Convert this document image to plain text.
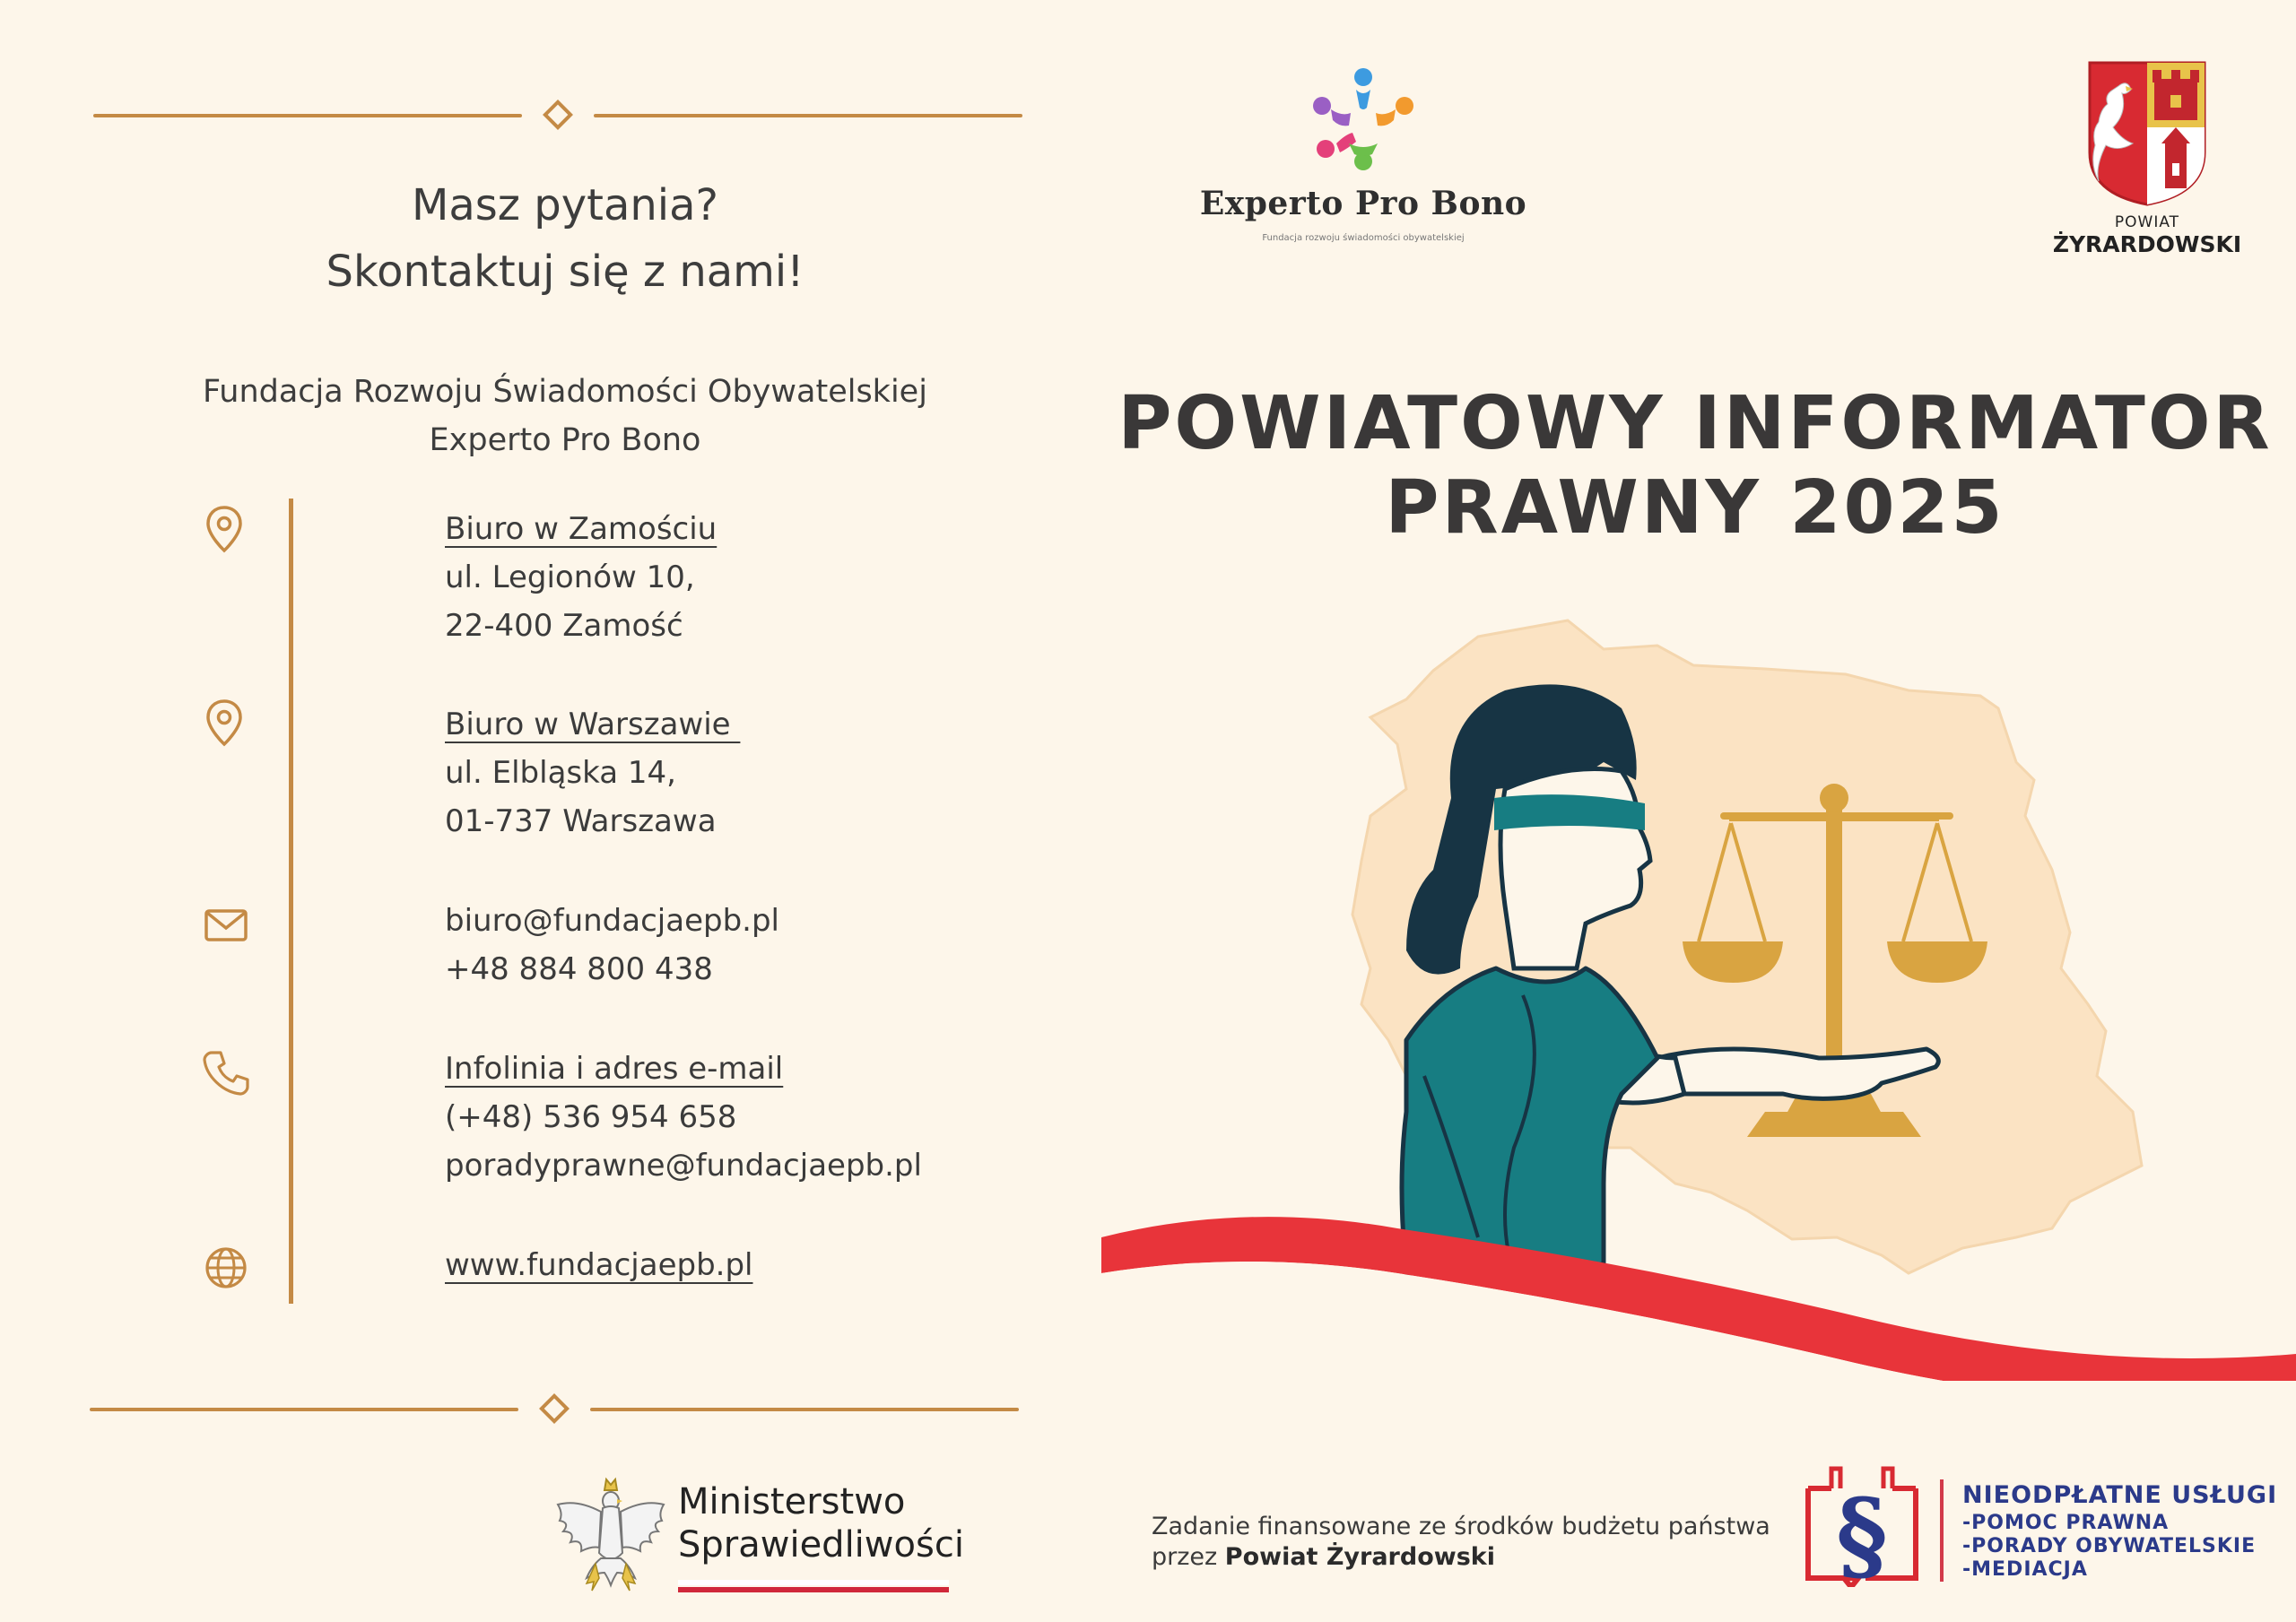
Masz pytania?
Skontaktuj się z nami!
Fundacja Rozwoju Świadomości Obywatelskiej
Experto Pro Bono
Biuro w Zamościu
ul. Legionów 10,
22-400 Zamość
Biuro w Warszawie
ul. Elbląska 14,
01-737 Warszawa
biuro@fundacjaepb.pl
+48 884 800 438
Infolinia i adres e-mail
(+48) 536 954 658
poradyprawne@fundacjaepb.pl
www.fundacjaepb.pl
Ministerstwo
Sprawiedliwości
Experto Pro Bono
Fundacja rozwoju świadomości obywatelskiej
POWIAT
ŻYRARDOWSKI
POWIATOWY INFORMATOR
PRAWNY 2025
Zadanie finansowane ze środków budżetu państwa
przez Powiat Żyrardowski	§	NIEODPŁATNE USŁUGI
-POMOC PRAWNA
-PORADY OBYWATELSKIE
-MEDIACJA
